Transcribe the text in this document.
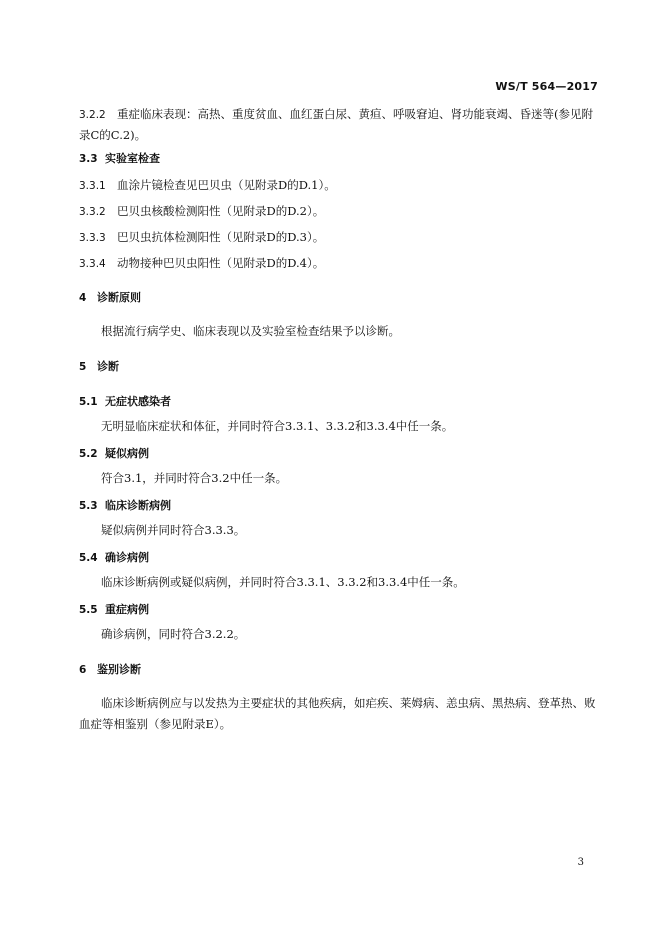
WS/T 564—2017
3.2.2 重症临床表现：高热、重度贫血、血红蛋白尿、黄疸、呼吸窘迫、肾功能衰竭、昏迷等(参见附
录C的C.2)。
3.3 实验室检查
3.3.1 血涂片镜检查见巴贝虫（见附录D的D.1）。
3.3.2 巴贝虫核酸检测阳性（见附录D的D.2）。
3.3.3 巴贝虫抗体检测阳性（见附录D的D.3）。
3.3.4 动物接种巴贝虫阳性（见附录D的D.4）。
4 诊断原则
根据流行病学史、临床表现以及实验室检查结果予以诊断。
5 诊断
5.1 无症状感染者
无明显临床症状和体征，并同时符合3.3.1、3.3.2和3.3.4中任一条。
5.2 疑似病例
符合3.1，并同时符合3.2中任一条。
5.3 临床诊断病例
疑似病例并同时符合3.3.3。
5.4 确诊病例
临床诊断病例或疑似病例，并同时符合3.3.1、3.3.2和3.3.4中任一条。
5.5 重症病例
确诊病例，同时符合3.2.2。
6 鉴别诊断
临床诊断病例应与以发热为主要症状的其他疾病，如疟疾、莱姆病、恙虫病、黑热病、登革热、败
血症等相鉴别（参见附录E）。
3
